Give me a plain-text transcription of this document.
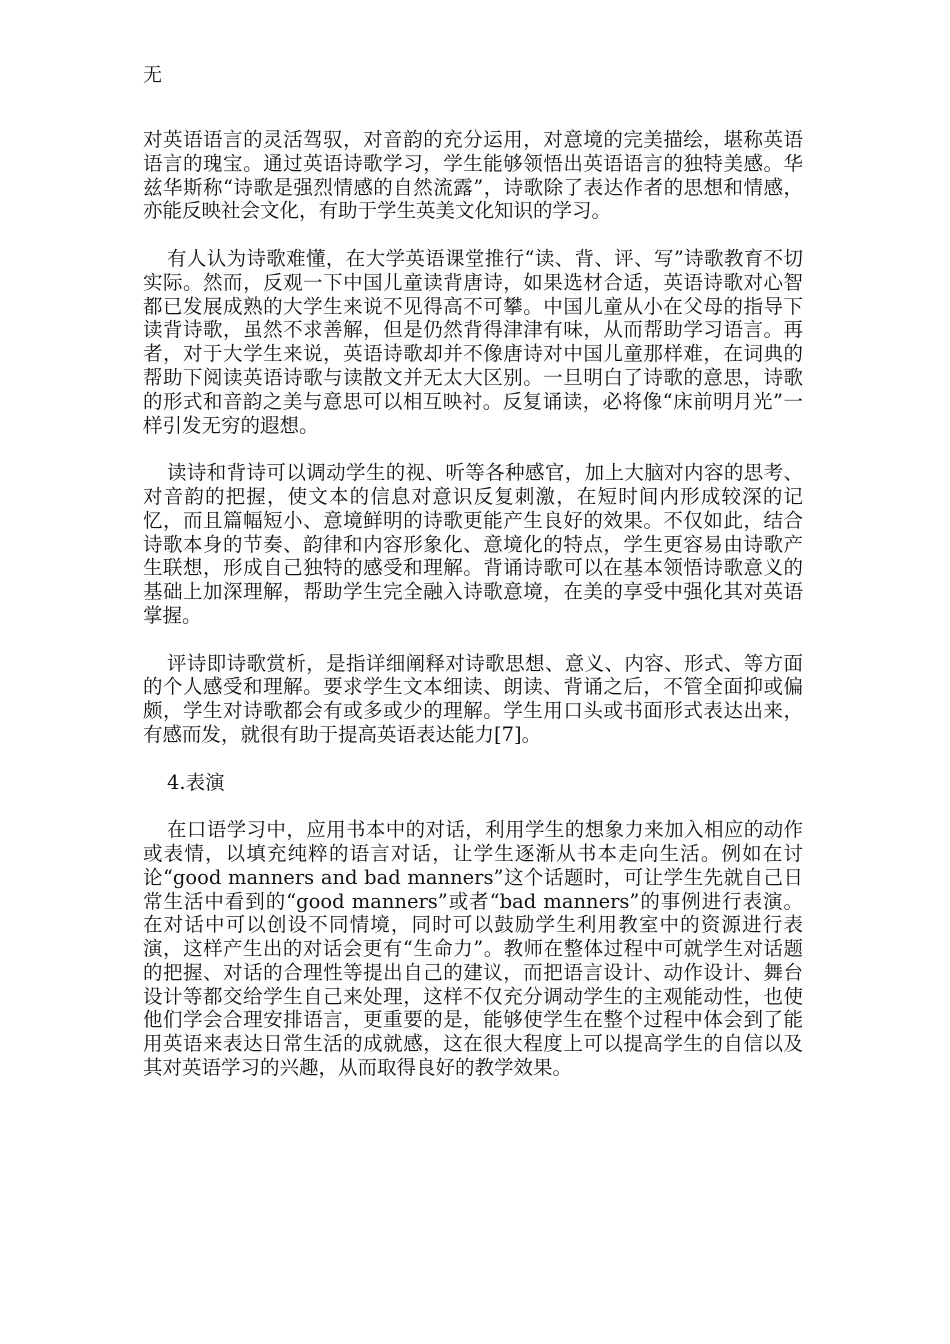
无

对英语语言的灵活驾驭，对音韵的充分运用，对意境的完美描绘，堪称英语语言的瑰宝。通过英语诗歌学习，学生能够领悟出英语语言的独特美感。华兹华斯称“诗歌是强烈情感的自然流露”，诗歌除了表达作者的思想和情感，亦能反映社会文化，有助于学生英美文化知识的学习。

有人认为诗歌难懂，在大学英语课堂推行“读、背、评、写”诗歌教育不切实际。然而，反观一下中国儿童读背唐诗，如果选材合适，英语诗歌对心智都已发展成熟的大学生来说不见得高不可攀。中国儿童从小在父母的指导下读背诗歌，虽然不求善解，但是仍然背得津津有味，从而帮助学习语言。再者，对于大学生来说，英语诗歌却并不像唐诗对中国儿童那样难，在词典的帮助下阅读英语诗歌与读散文并无太大区别。一旦明白了诗歌的意思，诗歌的形式和音韵之美与意思可以相互映衬。反复诵读，必将像“床前明月光”一样引发无穷的遐想。

读诗和背诗可以调动学生的视、听等各种感官，加上大脑对内容的思考、对音韵的把握，使文本的信息对意识反复刺激，在短时间内形成较深的记忆，而且篇幅短小、意境鲜明的诗歌更能产生良好的效果。不仅如此，结合诗歌本身的节奏、韵律和内容形象化、意境化的特点，学生更容易由诗歌产生联想，形成自己独特的感受和理解。背诵诗歌可以在基本领悟诗歌意义的基础上加深理解，帮助学生完全融入诗歌意境，在美的享受中强化其对英语掌握。

评诗即诗歌赏析，是指详细阐释对诗歌思想、意义、内容、形式、等方面的个人感受和理解。要求学生文本细读、朗读、背诵之后，不管全面抑或偏颇，学生对诗歌都会有或多或少的理解。学生用口头或书面形式表达出来，有感而发，就很有助于提高英语表达能力[7]。

4.表演

在口语学习中，应用书本中的对话，利用学生的想象力来加入相应的动作或表情，以填充纯粹的语言对话，让学生逐渐从书本走向生活。例如在讨论“good manners and bad manners”这个话题时，可让学生先就自己日常生活中看到的“good manners”或者“bad manners”的事例进行表演。在对话中可以创设不同情境，同时可以鼓励学生利用教室中的资源进行表演，这样产生出的对话会更有“生命力”。教师在整体过程中可就学生对话题的把握、对话的合理性等提出自己的建议，而把语言设计、动作设计、舞台设计等都交给学生自己来处理，这样不仅充分调动学生的主观能动性，也使他们学会合理安排语言，更重要的是，能够使学生在整个过程中体会到了能用英语来表达日常生活的成就感，这在很大程度上可以提高学生的自信以及其对英语学习的兴趣，从而取得良好的教学效果。
